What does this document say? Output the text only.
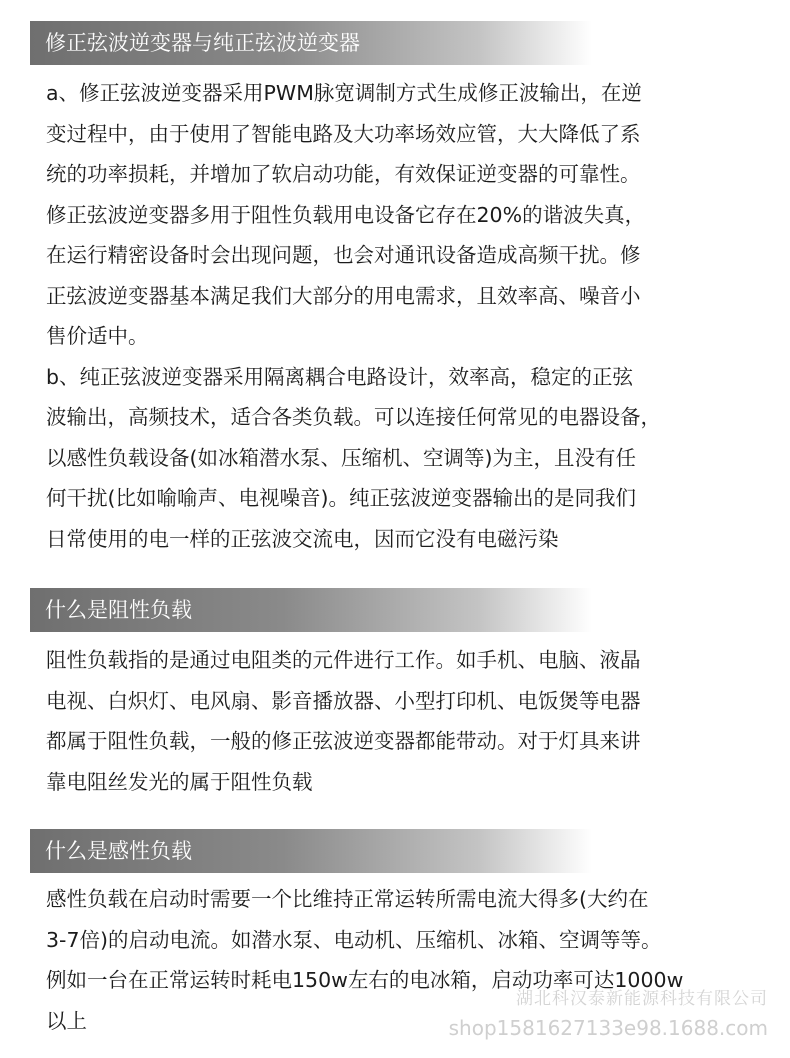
修正弦波逆变器与纯正弦波逆变器
a、修正弦波逆变器采用PWM脉宽调制方式生成修正波输出，在逆
变过程中，由于使用了智能电路及大功率场效应管，大大降低了系
统的功率损耗，并增加了软启动功能，有效保证逆变器的可靠性。
修正弦波逆变器多用于阻性负载用电设备它存在20%的谐波失真，
在运行精密设备时会出现问题，也会对通讯设备造成高频干扰。修
正弦波逆变器基本满足我们大部分的用电需求，且效率高、噪音小
售价适中。
b、纯正弦波逆变器采用隔离耦合电路设计，效率高，稳定的正弦
波输出，高频技术，适合各类负载。可以连接任何常见的电器设备，
以感性负载设备(如冰箱潜水泵、压缩机、空调等)为主，且没有任
何干扰(比如喻喻声、电视噪音)。纯正弦波逆变器输出的是同我们
日常使用的电一样的正弦波交流电，因而它没有电磁污染
什么是阻性负载
阻性负载指的是通过电阻类的元件进行工作。如手机、电脑、液晶
电视、白炽灯、电风扇、影音播放器、小型打印机、电饭煲等电器
都属于阻性负载，一般的修正弦波逆变器都能带动。对于灯具来讲
靠电阻丝发光的属于阻性负载
什么是感性负载
感性负载在启动时需要一个比维持正常运转所需电流大得多(大约在
3-7倍)的启动电流。如潜水泵、电动机、压缩机、冰箱、空调等等。
例如一台在正常运转时耗电150w左右的电冰箱，启动功率可达1000w
以上
湖北科汉泰新能源科技有限公司
shop1581627133e98.1688.com
